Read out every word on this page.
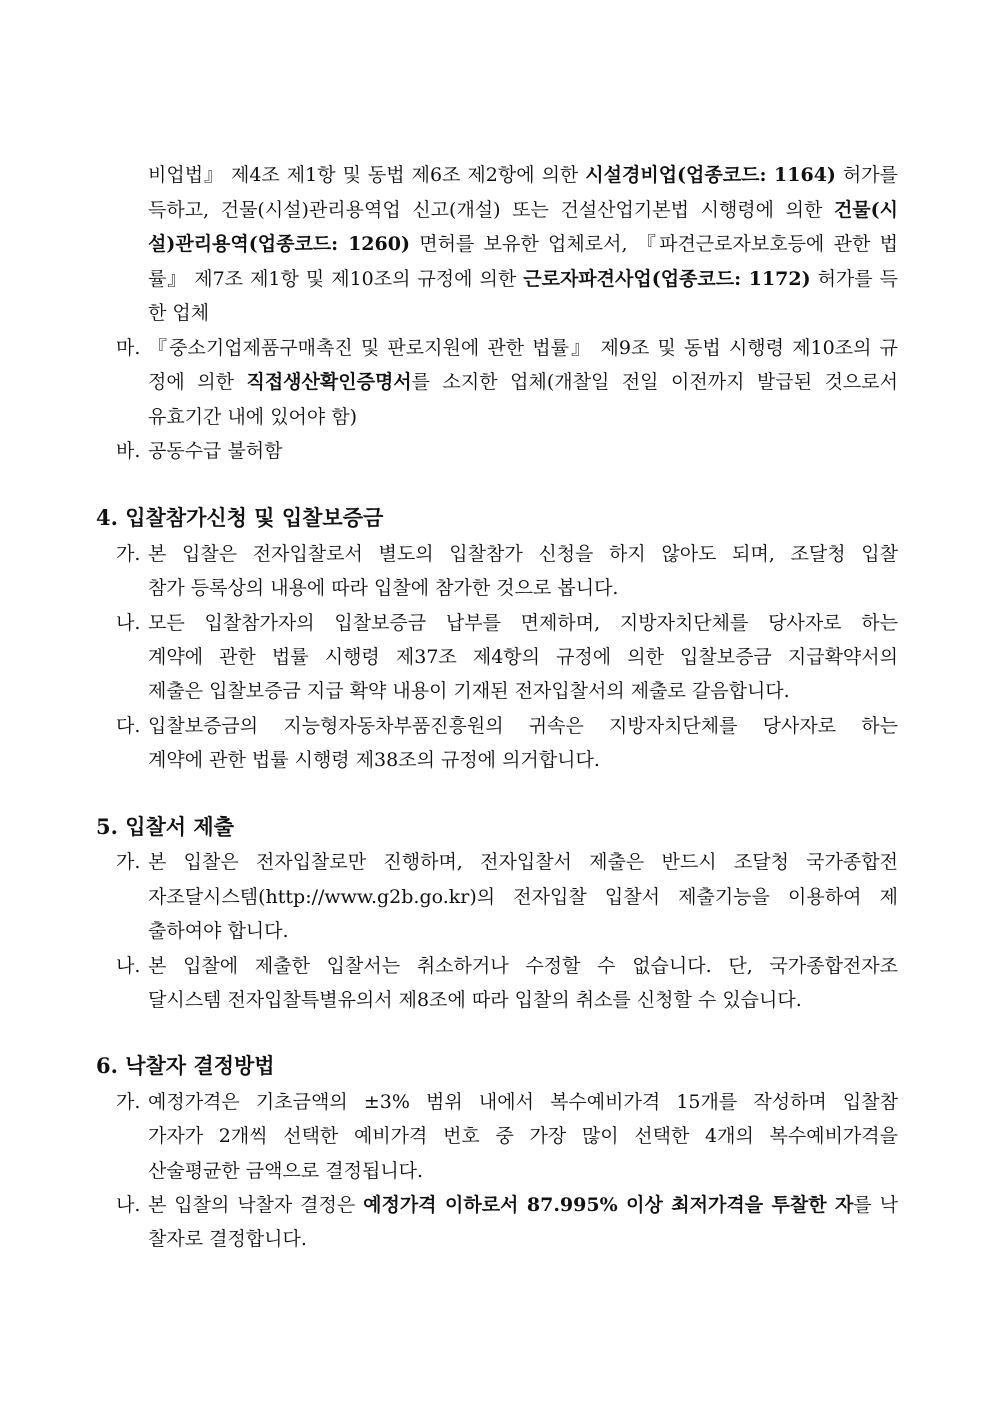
비업법』 제4조 제1항 및 동법 제6조 제2항에 의한 시설경비업(업종코드: 1164) 허가를
득하고, 건물(시설)관리용역업 신고(개설) 또는 건설산업기본법 시행령에 의한 건물(시
설)관리용역(업종코드: 1260) 면허를 보유한 업체로서, 『파견근로자보호등에 관한 법
률』 제7조 제1항 및 제10조의 규정에 의한 근로자파견사업(업종코드: 1172) 허가를 득
한 업체
마. 『중소기업제품구매촉진 및 판로지원에 관한 법률』 제9조 및 동법 시행령 제10조의 규
정에 의한 직접생산확인증명서를 소지한 업체(개찰일 전일 이전까지 발급된 것으로서
유효기간 내에 있어야 함)
바. 공동수급 불허함
4. 입찰참가신청 및 입찰보증금
가. 본 입찰은 전자입찰로서 별도의 입찰참가 신청을 하지 않아도 되며, 조달청 입찰
참가 등록상의 내용에 따라 입찰에 참가한 것으로 봅니다.
나. 모든 입찰참가자의 입찰보증금 납부를 면제하며, 지방자치단체를 당사자로 하는
계약에 관한 법률 시행령 제37조 제4항의 규정에 의한 입찰보증금 지급확약서의
제출은 입찰보증금 지급 확약 내용이 기재된 전자입찰서의 제출로 갈음합니다.
다. 입찰보증금의 지능형자동차부품진흥원의 귀속은 지방자치단체를 당사자로 하는
계약에 관한 법률 시행령 제38조의 규정에 의거합니다.
5. 입찰서 제출
가. 본 입찰은 전자입찰로만 진행하며, 전자입찰서 제출은 반드시 조달청 국가종합전
자조달시스템(http://www.g2b.go.kr)의 전자입찰 입찰서 제출기능을 이용하여 제
출하여야 합니다.
나. 본 입찰에 제출한 입찰서는 취소하거나 수정할 수 없습니다. 단, 국가종합전자조
달시스템 전자입찰특별유의서 제8조에 따라 입찰의 취소를 신청할 수 있습니다.
6. 낙찰자 결정방법
가. 예정가격은 기초금액의 ±3% 범위 내에서 복수예비가격 15개를 작성하며 입찰참
가자가 2개씩 선택한 예비가격 번호 중 가장 많이 선택한 4개의 복수예비가격을
산술평균한 금액으로 결정됩니다.
나. 본 입찰의 낙찰자 결정은 예정가격 이하로서 87.995% 이상 최저가격을 투찰한 자를 낙
찰자로 결정합니다.
